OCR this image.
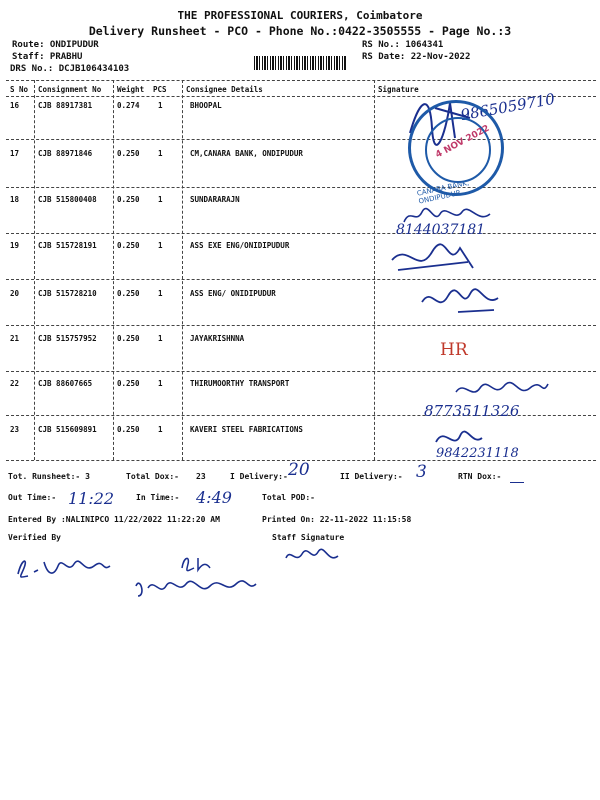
THE PROFESSIONAL COURIERS, Coimbatore
Delivery Runsheet - PCO - Phone No.:0422-3505555 - Page No.:3
Route: ONDIPUDUR
Staff: PRABHU
DRS No.: DCJB106434103
RS No.: 1064341
RS Date: 22-Nov-2022
S No Consignment No Weight PCS	Consignee Details	Signature
16	CJB 88917381	0.274 1	BHOOPAL
17	CJB 88971846	0.250 1	CM,CANARA BANK, ONDIPUDUR
18	CJB 515800408	0.250 1	SUNDARARAJN
19	CJB 515728191	0.250 1	ASS EXE ENG/ONIDIPUDUR
20	CJB 515728210	0.250 1	ASS ENG/ ONIDIPUDUR
21	CJB 515757952	0.250 1	JAYAKRISHNNA
22	CJB 88607665	0.250 1	THIRUMOORTHY TRANSPORT
23	CJB 515609891	0.250 1	KAVERI STEEL FABRICATIONS
9865059710
4 NOV 2022
CANARA BANK, ONDIPUDUR
8144037181
HR
8773511326
9842231118
Tot. Runsheet:- 3	Total Dox:- 23	I Delivery:- 20	II Delivery:- 3	RTN Dox:-
Out Time:- 11:22	In Time:- 4:49	Total POD:-
Entered By :NALINIPCO 11/22/2022 11:22:20 AM	Printed On: 22-11-2022 11:15:58
Verified By	Staff Signature
